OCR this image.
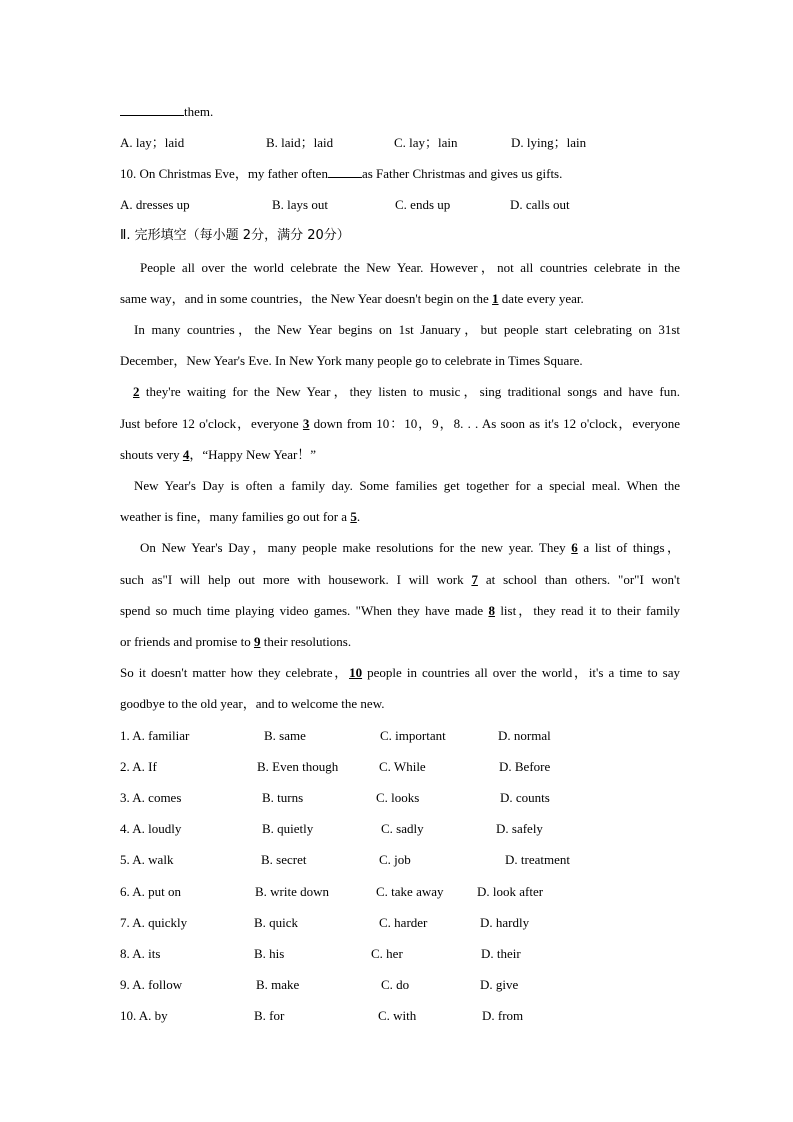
them.
A. lay；laid	B. laid；laid	C. lay；lain	D. lying；lain
10. On Christmas Eve，my father often	as Father Christmas and gives us gifts.
A. dresses up	B. lays out	C. ends up	D. calls out
Ⅱ. 完形填空（每小题 2分，满分 20分）
People all over the world celebrate the New Year. However，not all countries celebrate in the
same way，and in some countries，the New Year doesn't begin on the 1 date every year.
In many countries，the New Year begins on 1st January，but people start celebrating on 31st
December，New Year's Eve. In New York many people go to celebrate in Times Square.
2 they're waiting for the New Year，they listen to music，sing traditional songs and have fun.
Just before 12 o'clock，everyone 3 down from 10：10，9，8. . . As soon as it's 12 o'clock，everyone
shouts very 4，“Happy New Year！”
New Year's Day is often a family day. Some families get together for a special meal. When the
weather is fine，many families go out for a 5.
On New Year's Day，many people make resolutions for the new year. They 6 a list of things，
such as"I will help out more with housework. I will work 7 at school than others. "or"I won't
spend so much time playing video games. "When they have made 8 list，they read it to their family
or friends and promise to 9 their resolutions.
So it doesn't matter how they celebrate，10 people in countries all over the world，it's a time to say
goodbye to the old year，and to welcome the new.
1. A. familiar	B. same	C. important	D. normal
2. A. If	B. Even though	C. While	D. Before
3. A. comes	B. turns	C. looks	D. counts
4. A. loudly	B. quietly	C. sadly	D. safely
5. A. walk	B. secret	C. job	D. treatment
6. A. put on	B. write down	C. take away	D. look after
7. A. quickly	B. quick	C. harder	D. hardly
8. A. its	B. his	C. her	D. their
9. A. follow	B. make	C. do	D. give
10. A. by	B. for	C. with	D. from
